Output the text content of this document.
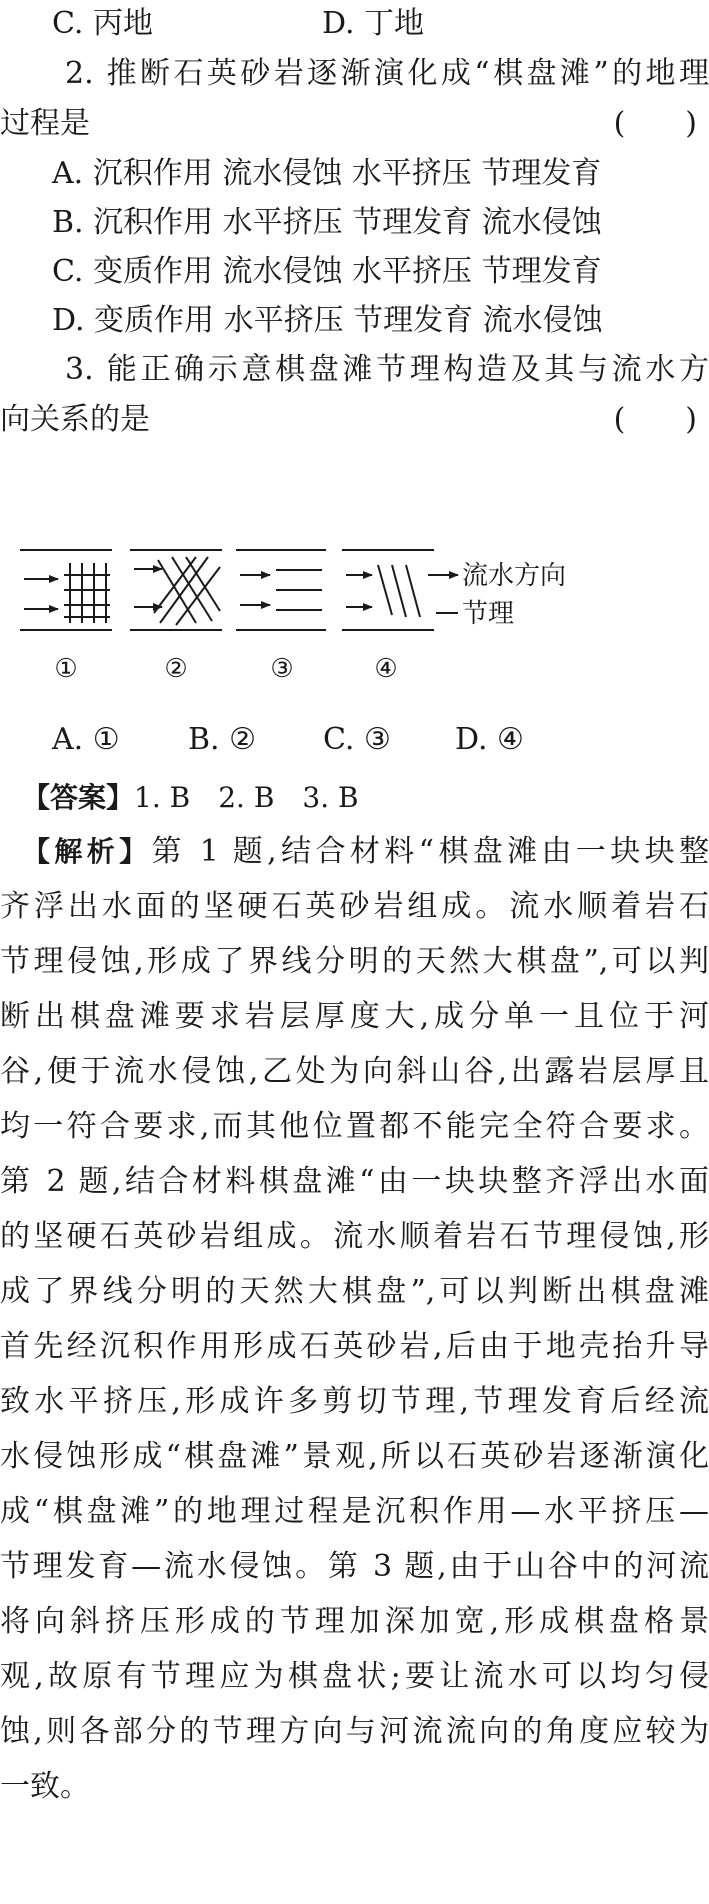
C. 丙地	D. 丁地
2. 推断石英砂岩逐渐演化成“棋盘滩”的地理
过程是	(　　)
A. 沉积作用 流水侵蚀 水平挤压 节理发育
B. 沉积作用 水平挤压 节理发育 流水侵蚀
C. 变质作用 流水侵蚀 水平挤压 节理发育
D. 变质作用 水平挤压 节理发育 流水侵蚀
3. 能正确示意棋盘滩节理构造及其与流水方
向关系的是	(　　)
流水方向
节理
①	②	③	④
A. ① B. ② C. ③ D. ④
【答案】1. B　2. B　3. B
【解析】第 1 题,结合材料“棋盘滩由一块块整
齐浮出水面的坚硬石英砂岩组成。流水顺着岩石
节理侵蚀,形成了界线分明的天然大棋盘”,可以判
断出棋盘滩要求岩层厚度大,成分单一且位于河
谷,便于流水侵蚀,乙处为向斜山谷,出露岩层厚且
均一符合要求,而其他位置都不能完全符合要求。
第 2 题,结合材料棋盘滩“由一块块整齐浮出水面
的坚硬石英砂岩组成。流水顺着岩石节理侵蚀,形
成了界线分明的天然大棋盘”,可以判断出棋盘滩
首先经沉积作用形成石英砂岩,后由于地壳抬升导
致水平挤压,形成许多剪切节理,节理发育后经流
水侵蚀形成“棋盘滩”景观,所以石英砂岩逐渐演化
成“棋盘滩”的地理过程是沉积作用—水平挤压—
节理发育—流水侵蚀。第 3 题,由于山谷中的河流
将向斜挤压形成的节理加深加宽,形成棋盘格景
观,故原有节理应为棋盘状;要让流水可以均匀侵
蚀,则各部分的节理方向与河流流向的角度应较为
一致。
